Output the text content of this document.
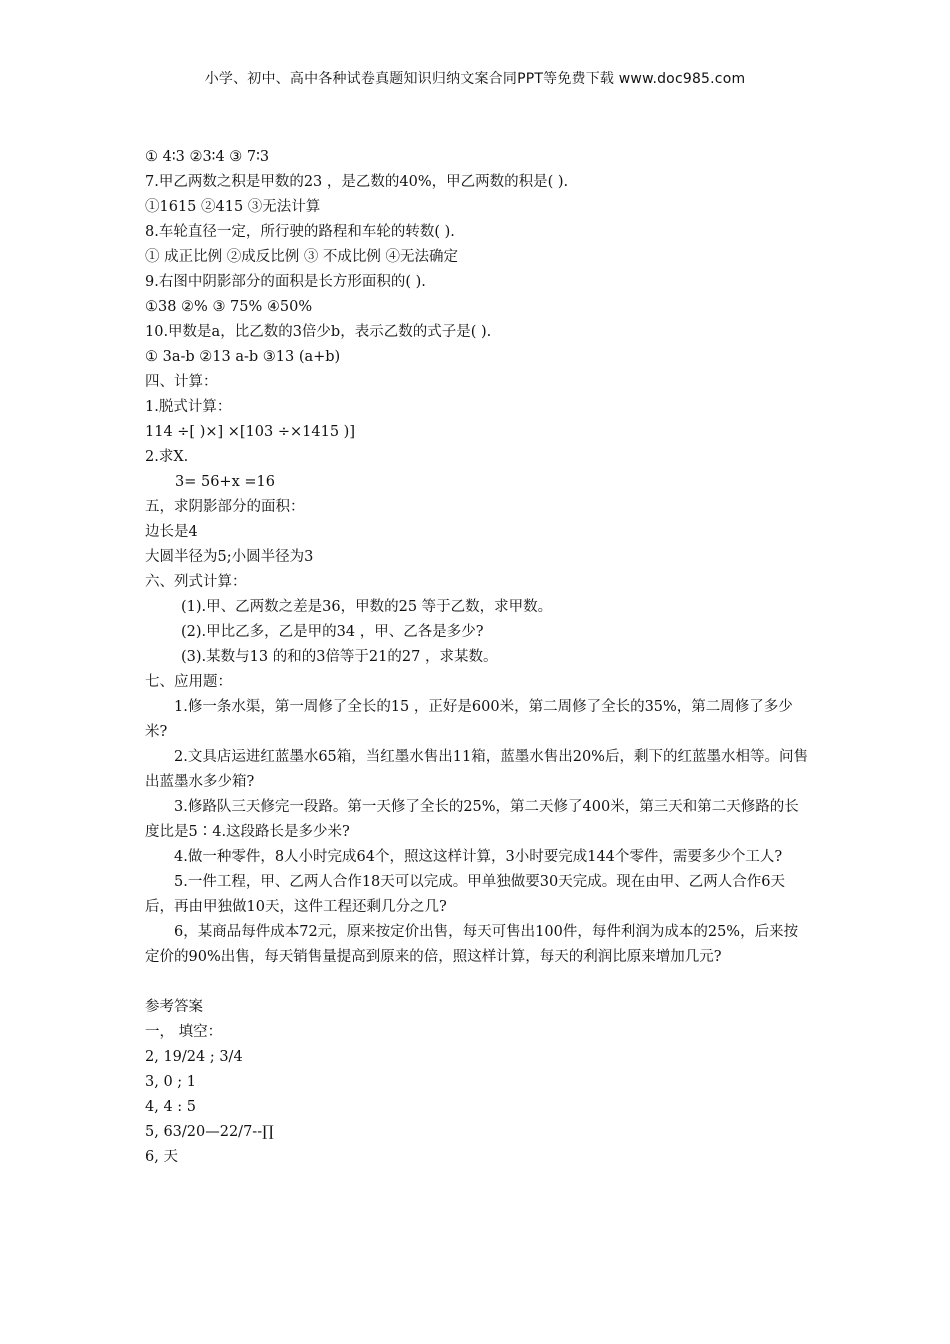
小学、初中、高中各种试卷真题知识归纳文案合同PPT等免费下载 www.doc985.com
① 4∶3 ②3∶4 ③ 7∶3
7.甲乙两数之积是甲数的23 ，是乙数的40%，甲乙两数的积是( ).
①1615 ②415 ③无法计算
8.车轮直径一定，所行驶的路程和车轮的转数( ).
① 成正比例 ②成反比例 ③ 不成比例 ④无法确定
9.右图中阴影部分的面积是长方形面积的( ).
①38 ②% ③ 75% ④50%
10.甲数是a，比乙数的3倍少b，表示乙数的式子是( ).
① 3a-b ②13 a-b ③13 (a+b)
四、计算：
1.脱式计算：
114 ÷[ )×] ×[103 ÷×1415 )]
2.求X.
3= 56+x =16
五，求阴影部分的面积：
边长是4
大圆半径为5;小圆半径为3
六、列式计算：
(1).甲、乙两数之差是36，甲数的25 等于乙数，求甲数。
(2).甲比乙多，乙是甲的34 ，甲、乙各是多少?
(3).某数与13 的和的3倍等于21的27 ，求某数。
七、应用题：
1.修一条水渠，第一周修了全长的15 ，正好是600米，第二周修了全长的35%，第二周修了多少米?
2.文具店运进红蓝墨水65箱，当红墨水售出11箱，蓝墨水售出20%后，剩下的红蓝墨水相等。问售出蓝墨水多少箱?
3.修路队三天修完一段路。第一天修了全长的25%，第二天修了400米，第三天和第二天修路的长度比是5∶4.这段路长是多少米?
4.做一种零件，8人小时完成64个，照这这样计算，3小时要完成144个零件，需要多少个工人?
5.一件工程，甲、乙两人合作18天可以完成。甲单独做要30天完成。现在由甲、乙两人合作6天后，再由甲独做10天，这件工程还剩几分之几?
6，某商品每件成本72元，原来按定价出售，每天可售出100件，每件利润为成本的25%，后来按定价的90%出售，每天销售量提高到原来的倍，照这样计算，每天的利润比原来增加几元?
参考答案
一， 填空：
2, 19/24 ; 3/4
3, 0 ; 1
4, 4 : 5
5, 63/20—22/7--∏
6, 天
